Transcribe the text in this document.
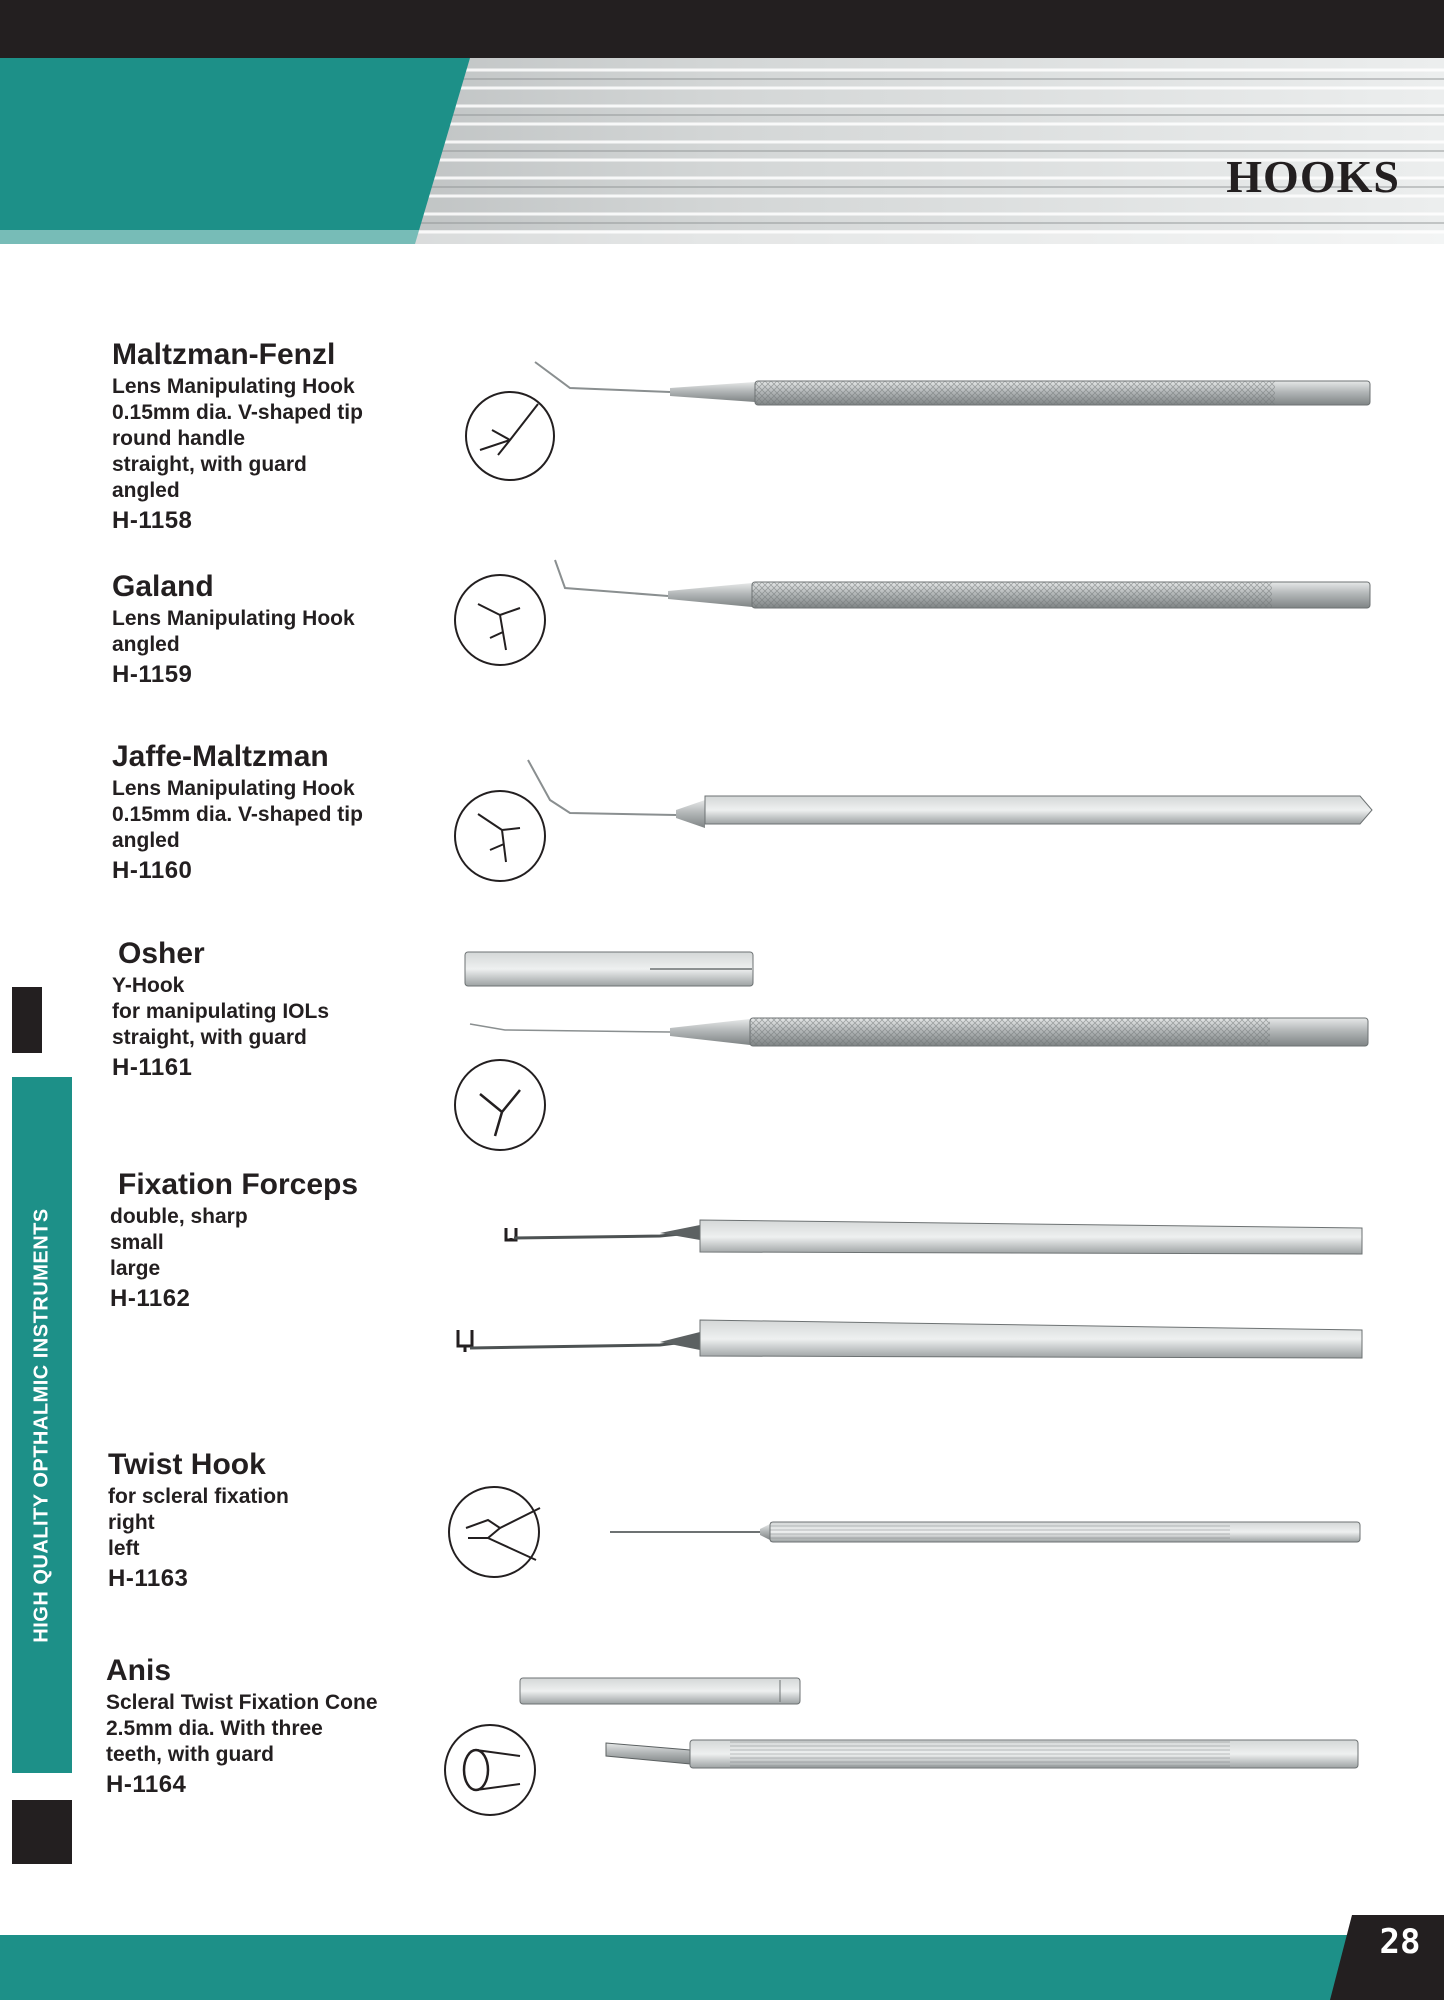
HOOKS
HIGH QUALITY OPTHALMIC INSTRUMENTS
Maltzman-Fenzl
Lens Manipulating Hook
0.15mm dia. V-shaped tip
round handle
straight, with guard
angled
H-1158
Galand
Lens Manipulating Hook
angled
H-1159
Jaffe-Maltzman
Lens Manipulating Hook
0.15mm dia. V-shaped tip
angled
H-1160
Osher
Y-Hook
for manipulating IOLs
straight, with guard
H-1161
Fixation Forceps
double, sharp
small
large
H-1162
Twist Hook
for scleral fixation
right
left
H-1163
Anis
Scleral Twist Fixation Cone
2.5mm dia. With three
teeth, with guard
H-1164
28
